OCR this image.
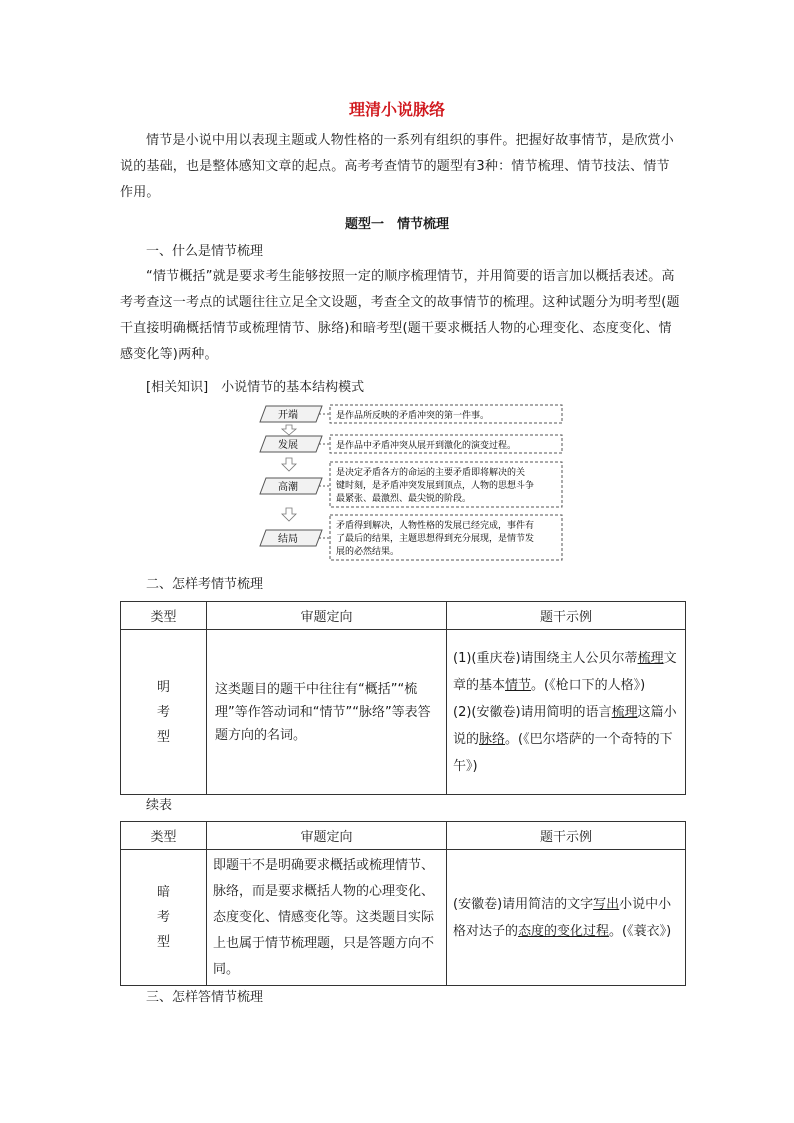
理清小说脉络

情节是小说中用以表现主题或人物性格的一系列有组织的事件。把握好故事情节，是欣赏小说的基础，也是整体感知文章的起点。高考考查情节的题型有3种：情节梳理、情节技法、情节作用。

题型一　情节梳理
一、什么是情节梳理

“情节概括”就是要求考生能够按照一定的顺序梳理情节，并用简要的语言加以概括表述。高考考查这一考点的试题往往立足全文设题，考查全文的故事情节的梳理。这种试题分为明考型(题干直接明确概括情节或梳理情节、脉络)和暗考型(题干要求概括人物的心理变化、态度变化、情感变化等)两种。

[相关知识]　小说情节的基本结构模式
开端	是作品所反映的矛盾冲突的第一件事。
发展	是作品中矛盾冲突从展开到激化的演变过程。
高潮
是决定矛盾各方的命运的主要矛盾即将解决的关
键时刻，是矛盾冲突发展到顶点，人物的思想斗争
最紧张、最激烈、最尖锐的阶段。
结局
矛盾得到解决，人物性格的发展已经完成，事件有
了最后的结果，主题思想得到充分展现，是情节发
展的必然结果。
二、怎样考情节梳理
类型	审题定向	题干示例

明
考
型	这类题目的题干中往往有“概括”“梳理”等作答动词和“情节”“脉络”等表答题方向的名词。	(1)(重庆卷)请围绕主人公贝尔蒂梳理文章的基本情节。(《枪口下的人格》)
(2)(安徽卷)请用简明的语言梳理这篇小说的脉络。(《巴尔塔萨的一个奇特的下午》)
续表
类型	审题定向	题干示例

暗
考
型	即题干不是明确要求概括或梳理情节、脉络，而是要求概括人物的心理变化、态度变化、情感变化等。这类题目实际上也属于情节梳理题，只是答题方向不同。	(安徽卷)请用简洁的文字写出小说中小格对达子的态度的变化过程。(《蓑衣》)
三、怎样答情节梳理
